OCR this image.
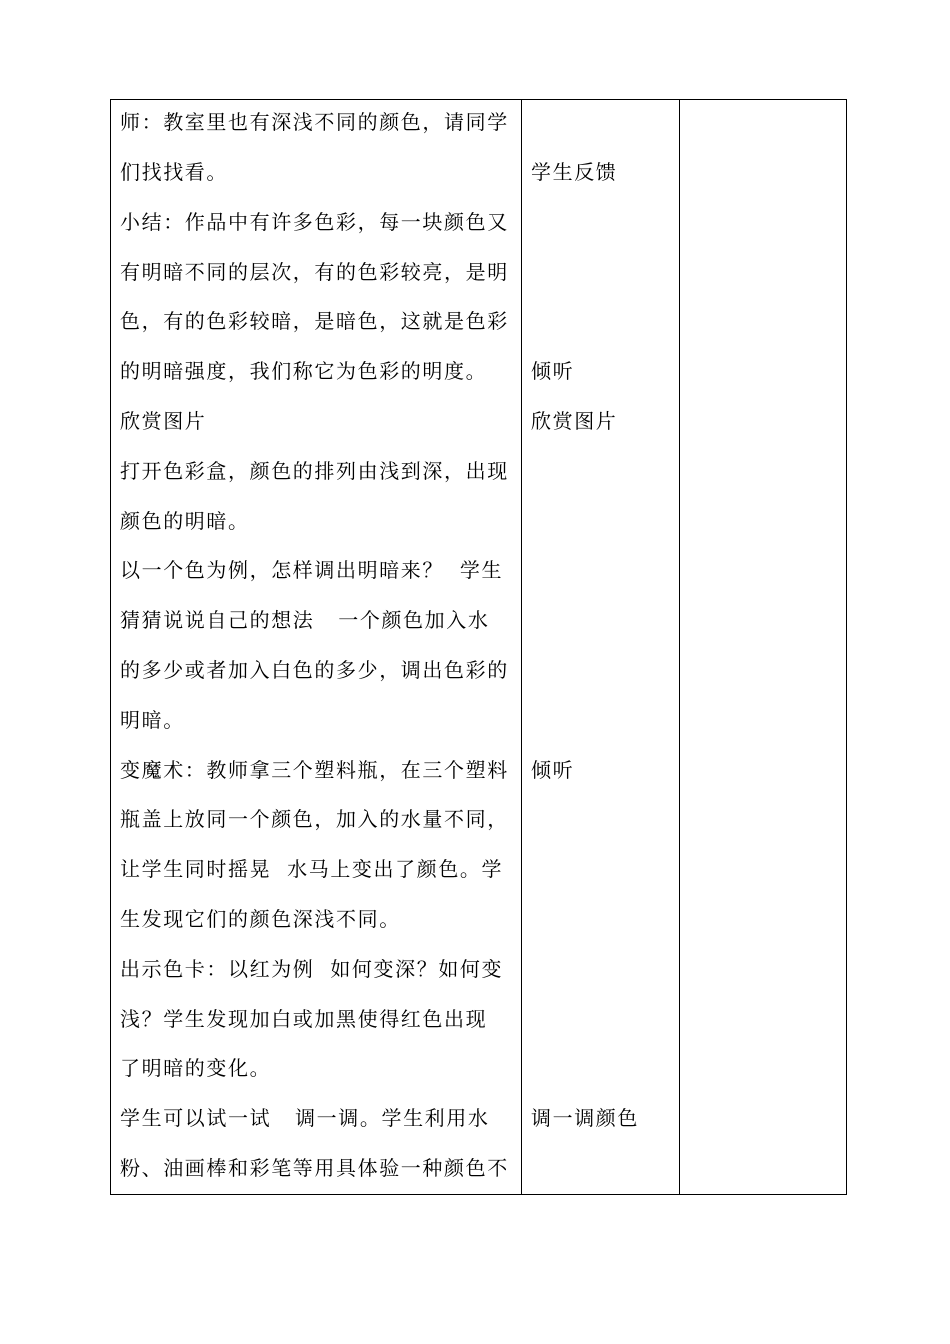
师：教室里也有深浅不同的颜色，请同学
们找找看。
小结：作品中有许多色彩，每一块颜色又
有明暗不同的层次，有的色彩较亮，是明
色，有的色彩较暗，是暗色，这就是色彩
的明暗强度，我们称它为色彩的明度。
欣赏图片
打开色彩盒，颜色的排列由浅到深，出现
颜色的明暗。
以一个色为例，怎样调出明暗来？  学生
猜猜说说自己的想法   一个颜色加入水
的多少或者加入白色的多少，调出色彩的
明暗。
变魔术：教师拿三个塑料瓶，在三个塑料
瓶盖上放同一个颜色，加入的水量不同，
让学生同时摇晃  水马上变出了颜色。学
生发现它们的颜色深浅不同。
出示色卡：以红为例  如何变深？如何变
浅？学生发现加白或加黑使得红色出现
了明暗的变化。
学生可以试一试   调一调。学生利用水
粉、油画棒和彩笔等用具体验一种颜色不
学生反馈
倾听
欣赏图片
倾听
调一调颜色
